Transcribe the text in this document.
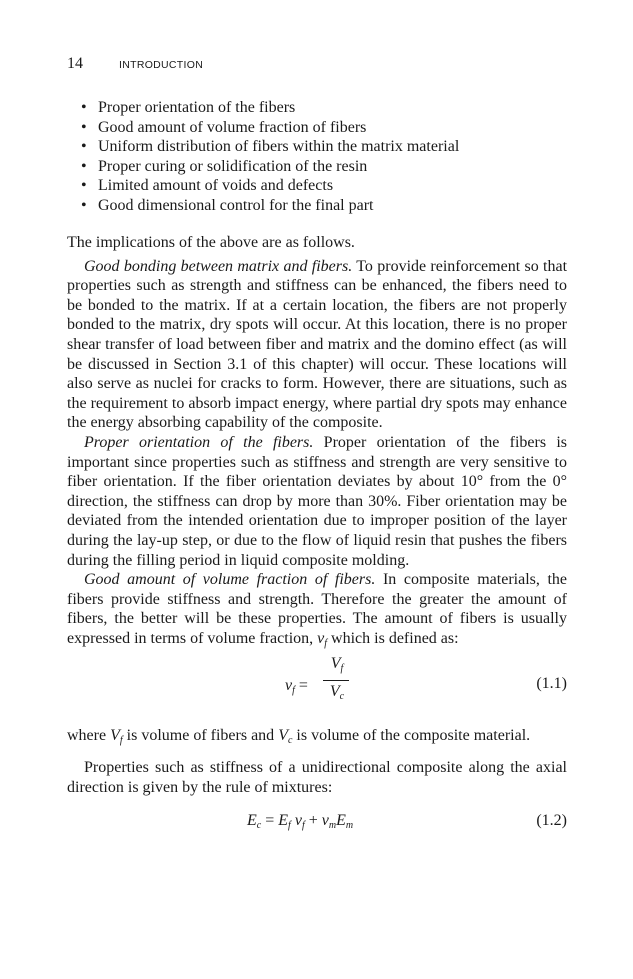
14	INTRODUCTION
• Proper orientation of the fibers
• Good amount of volume fraction of fibers
• Uniform distribution of fibers within the matrix material
• Proper curing or solidification of the resin
• Limited amount of voids and defects
• Good dimensional control for the final part

The implications of the above are as follows.

Good bonding between matrix and fibers. To provide reinforcement so that properties such as strength and stiffness can be enhanced, the fibers need to be bonded to the matrix. If at a certain location, the fibers are not properly bonded to the matrix, dry spots will occur. At this location, there is no proper shear transfer of load between fiber and matrix and the domino effect (as will be discussed in Section 3.1 of this chapter) will occur. These locations will also serve as nuclei for cracks to form. However, there are situations, such as the requirement to absorb impact energy, where partial dry spots may enhance the energy absorbing capability of the composite.

Proper orientation of the fibers. Proper orientation of the fibers is important since properties such as stiffness and strength are very sensitive to fiber orientation. If the fiber orientation deviates by about 10° from the 0° direction, the stiffness can drop by more than 30%. Fiber orientation may be deviated from the intended orientation due to improper position of the layer during the lay-up step, or due to the flow of liquid resin that pushes the fibers during the filling period in liquid composite molding.

Good amount of volume fraction of fibers. In composite materials, the fibers provide stiffness and strength. Therefore the greater the amount of fibers, the better will be these properties. The amount of fibers is usually expressed in terms of volume fraction, $v_f$ which is defined as:

$v_f$ =
$V_f$
$V_c$
(1.1)

where $V_f$ is volume of fibers and $V_c$ is volume of the composite material.

Properties such as stiffness of a unidirectional composite along the axial direction is given by the rule of mixtures:

$E_c = E_f$ $v_f + v_mE_m$	(1.2)
